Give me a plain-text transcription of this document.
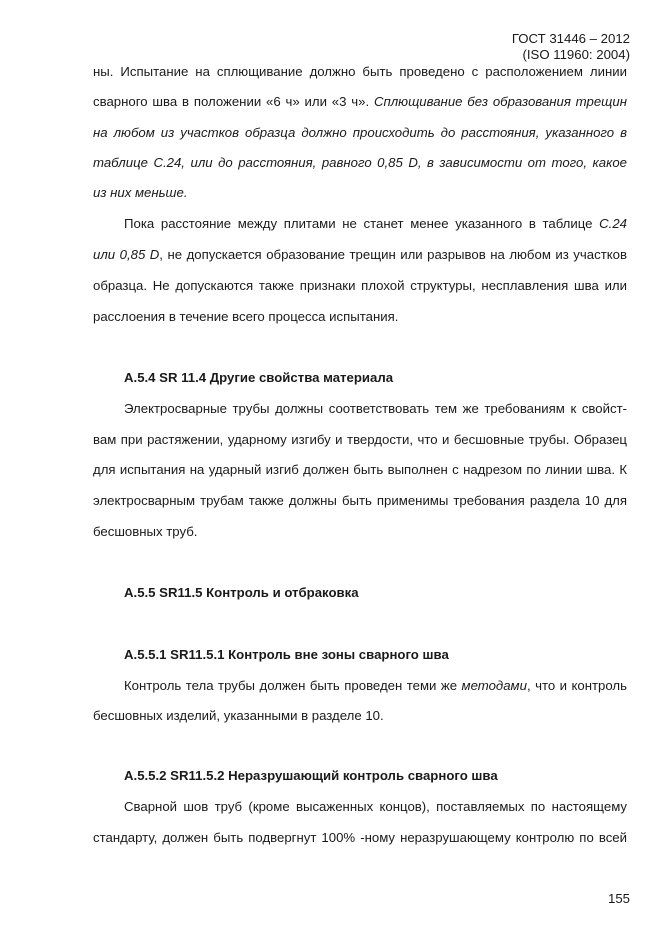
ГОСТ 31446 – 2012
(ISO 11960: 2004)
ны. Испытание на сплющивание должно быть проведено с расположением линии
сварного шва в положении «6 ч» или «3 ч». Сплющивание без образования трещин
на любом из участков образца должно происходить до расстояния, указанного в
таблице С.24, или до расстояния, равного 0,85 D, в зависимости от того, какое
из них меньше.
Пока расстояние между плитами не станет менее указанного в таблице С.24
или 0,85 D, не допускается образование трещин или разрывов на любом из участков
образца. Не допускаются также признаки плохой структуры, несплавления шва или
расслоения в течение всего процесса испытания.
А.5.4 SR 11.4 Другие свойства материала
Электросварные трубы должны соответствовать тем же требованиям к свойст-
вам при растяжении, ударному изгибу и твердости, что и бесшовные трубы. Образец
для испытания на ударный изгиб должен быть выполнен с надрезом по линии шва. К
электросварным трубам также должны быть применимы требования раздела 10 для
бесшовных труб.
А.5.5 SR11.5 Контроль и отбраковка
А.5.5.1 SR11.5.1 Контроль вне зоны сварного шва
Контроль тела трубы должен быть проведен теми же методами, что и контроль
бесшовных изделий, указанными в разделе 10.
А.5.5.2 SR11.5.2 Неразрушающий контроль сварного шва
Сварной шов труб (кроме высаженных концов), поставляемых по настоящему
стандарту, должен быть подвергнут 100% -ному неразрушающему контролю по всей
155
